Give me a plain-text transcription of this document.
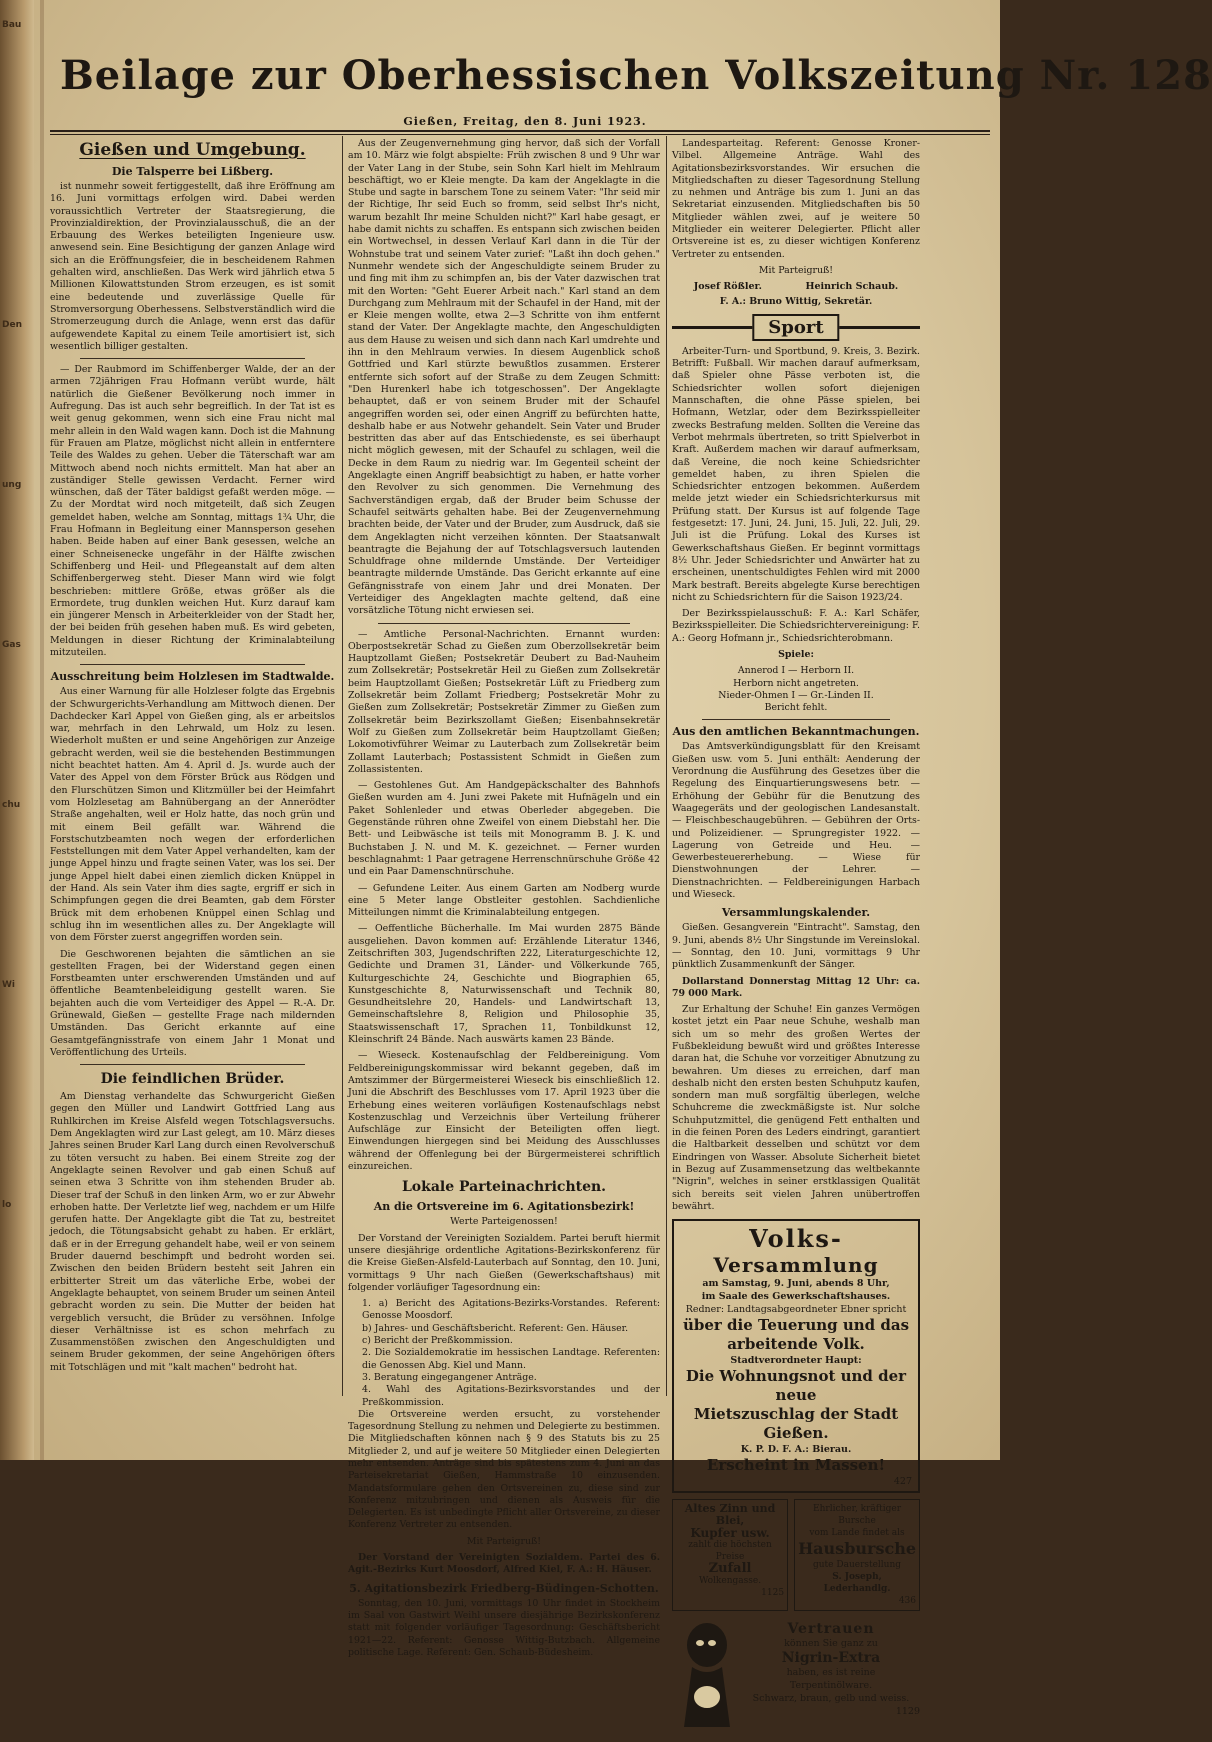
Bau
Den
ung
Gas
chu
Wi
lo
Beilage zur Oberhessischen Volkszeitung Nr. 128
Gießen, Freitag, den 8. Juni 1923.
Gießen und Umgebung.
Die Talsperre bei Lißberg.

ist nunmehr soweit fertiggestellt, daß ihre Eröffnung am 16. Juni vormittags erfolgen wird. Dabei werden voraussichtlich Vertreter der Staatsregierung, die Provinzialdirektion, der Provinzialausschuß, die an der Erbauung des Werkes beteiligten Ingenieure usw. anwesend sein. Eine Besichtigung der ganzen Anlage wird sich an die Eröffnungsfeier, die in bescheidenem Rahmen gehalten wird, anschließen. Das Werk wird jährlich etwa 5 Millionen Kilowattstunden Strom erzeugen, es ist somit eine bedeutende und zuverlässige Quelle für Stromversorgung Oberhessens. Selbstverständlich wird die Stromerzeugung durch die Anlage, wenn erst das dafür aufgewendete Kapital zu einem Teile amortisiert ist, sich wesentlich billiger gestalten.

— Der Raubmord im Schiffenberger Walde, der an der armen 72jährigen Frau Hofmann verübt wurde, hält natürlich die Gießener Bevölkerung noch immer in Aufregung. Das ist auch sehr begreiflich. In der Tat ist es weit genug gekommen, wenn sich eine Frau nicht mal mehr allein in den Wald wagen kann. Doch ist die Mahnung für Frauen am Platze, möglichst nicht allein in entferntere Teile des Waldes zu gehen. Ueber die Täterschaft war am Mittwoch abend noch nichts ermittelt. Man hat aber an zuständiger Stelle gewissen Verdacht. Ferner wird wünschen, daß der Täter baldigst gefaßt werden möge. — Zu der Mordtat wird noch mitgeteilt, daß sich Zeugen gemeldet haben, welche am Sonntag, mittags 1¾ Uhr, die Frau Hofmann in Begleitung einer Mannsperson gesehen haben. Beide haben auf einer Bank gesessen, welche an einer Schneisenecke ungefähr in der Hälfte zwischen Schiffenberg und Heil- und Pflegeanstalt auf dem alten Schiffenbergerweg steht. Dieser Mann wird wie folgt beschrieben: mittlere Größe, etwas größer als die Ermordete, trug dunklen weichen Hut. Kurz darauf kam ein jüngerer Mensch in Arbeiterkleider von der Stadt her, der bei beiden früh gesehen haben muß. Es wird gebeten, Meldungen in dieser Richtung der Kriminalabteilung mitzuteilen.

Ausschreitung beim Holzlesen im Stadtwalde.

Aus einer Warnung für alle Holzleser folgte das Ergebnis der Schwurgerichts-Verhandlung am Mittwoch dienen. Der Dachdecker Karl Appel von Gießen ging, als er arbeitslos war, mehrfach in den Lehrwald, um Holz zu lesen. Wiederholt mußten er und seine Angehörigen zur Anzeige gebracht werden, weil sie die bestehenden Bestimmungen nicht beachtet hatten. Am 4. April d. Js. wurde auch der Vater des Appel von dem Förster Brück aus Rödgen und den Flurschützen Simon und Klitzmüller bei der Heimfahrt vom Holzlesetag am Bahnübergang an der Annerödter Straße angehalten, weil er Holz hatte, das noch grün und mit einem Beil gefällt war. Während die Forstschutzbeamten noch wegen der erforderlichen Feststellungen mit dem Vater Appel verhandelten, kam der junge Appel hinzu und fragte seinen Vater, was los sei. Der junge Appel hielt dabei einen ziemlich dicken Knüppel in der Hand. Als sein Vater ihm dies sagte, ergriff er sich in Schimpfungen gegen die drei Beamten, gab dem Förster Brück mit dem erhobenen Knüppel einen Schlag und schlug ihn im wesentlichen alles zu. Der Angeklagte will von dem Förster zuerst angegriffen worden sein.

Die Geschworenen bejahten die sämtlichen an sie gestellten Fragen, bei der Widerstand gegen einen Forstbeamten unter erschwerenden Umständen und auf öffentliche Beamtenbeleidigung gestellt waren. Sie bejahten auch die vom Verteidiger des Appel — R.-A. Dr. Grünewald, Gießen — gestellte Frage nach mildernden Umständen. Das Gericht erkannte auf eine Gesamtgefängnisstrafe von einem Jahr 1 Monat und Veröffentlichung des Urteils.

Die feindlichen Brüder.

Am Dienstag verhandelte das Schwurgericht Gießen gegen den Müller und Landwirt Gottfried Lang aus Ruhlkirchen im Kreise Alsfeld wegen Totschlagsversuchs. Dem Angeklagten wird zur Last gelegt, am 10. März dieses Jahres seinen Bruder Karl Lang durch einen Revolverschuß zu töten versucht zu haben. Bei einem Streite zog der Angeklagte seinen Revolver und gab einen Schuß auf seinen etwa 3 Schritte von ihm stehenden Bruder ab. Dieser traf der Schuß in den linken Arm, wo er zur Abwehr erhoben hatte. Der Verletzte lief weg, nachdem er um Hilfe gerufen hatte. Der Angeklagte gibt die Tat zu, bestreitet jedoch, die Tötungsabsicht gehabt zu haben. Er erklärt, daß er in der Erregung gehandelt habe, weil er von seinem Bruder dauernd beschimpft und bedroht worden sei. Zwischen den beiden Brüdern besteht seit Jahren ein erbitterter Streit um das väterliche Erbe, wobei der Angeklagte behauptet, von seinem Bruder um seinen Anteil gebracht worden zu sein. Die Mutter der beiden hat vergeblich versucht, die Brüder zu versöhnen. Infolge dieser Verhältnisse ist es schon mehrfach zu Zusammenstößen zwischen den Angeschuldigten und seinem Bruder gekommen, der seine Angehörigen öfters mit Totschlägen und mit "kalt machen" bedroht hat.

Aus der Zeugenvernehmung ging hervor, daß sich der Vorfall am 10. März wie folgt abspielte: Früh zwischen 8 und 9 Uhr war der Vater Lang in der Stube, sein Sohn Karl hielt im Mehlraum beschäftigt, wo er Kleie mengte. Da kam der Angeklagte in die Stube und sagte in barschem Tone zu seinem Vater: "Ihr seid mir der Richtige, Ihr seid Euch so fromm, seid selbst Ihr's nicht, warum bezahlt Ihr meine Schulden nicht?" Karl habe gesagt, er habe damit nichts zu schaffen. Es entspann sich zwischen beiden ein Wortwechsel, in dessen Verlauf Karl dann in die Tür der Wohnstube trat und seinem Vater zurief: "Laßt ihn doch gehen." Nunmehr wendete sich der Angeschuldigte seinem Bruder zu und fing mit ihm zu schimpfen an, bis der Vater dazwischen trat mit den Worten: "Geht Euerer Arbeit nach." Karl stand an dem Durchgang zum Mehlraum mit der Schaufel in der Hand, mit der er Kleie mengen wollte, etwa 2—3 Schritte von ihm entfernt stand der Vater. Der Angeklagte machte, den Angeschuldigten aus dem Hause zu weisen und sich dann nach Karl umdrehte und ihn in den Mehlraum verwies. In diesem Augenblick schoß Gottfried und Karl stürzte bewußtlos zusammen. Ersterer entfernte sich sofort auf der Straße zu dem Zeugen Schmitt: "Den Hurenkerl habe ich totgeschossen". Der Angeklagte behauptet, daß er von seinem Bruder mit der Schaufel angegriffen worden sei, oder einen Angriff zu befürchten hatte, deshalb habe er aus Notwehr gehandelt. Sein Vater und Bruder bestritten das aber auf das Entschiedenste, es sei überhaupt nicht möglich gewesen, mit der Schaufel zu schlagen, weil die Decke in dem Raum zu niedrig war. Im Gegenteil scheint der Angeklagte einen Angriff beabsichtigt zu haben, er hatte vorher den Revolver zu sich genommen. Die Vernehmung des Sachverständigen ergab, daß der Bruder beim Schusse der Schaufel seitwärts gehalten habe. Bei der Zeugenvernehmung brachten beide, der Vater und der Bruder, zum Ausdruck, daß sie dem Angeklagten nicht verzeihen könnten. Der Staatsanwalt beantragte die Bejahung der auf Totschlagsversuch lautenden Schuldfrage ohne mildernde Umstände. Der Verteidiger beantragte mildernde Umstände. Das Gericht erkannte auf eine Gefängnisstrafe von einem Jahr und drei Monaten. Der Verteidiger des Angeklagten machte geltend, daß eine vorsätzliche Tötung nicht erwiesen sei.

— Amtliche Personal-Nachrichten. Ernannt wurden: Oberpostsekretär Schad zu Gießen zum Oberzollsekretär beim Hauptzollamt Gießen; Postsekretär Deubert zu Bad-Nauheim zum Zollsekretär; Postsekretär Heil zu Gießen zum Zollsekretär beim Hauptzollamt Gießen; Postsekretär Lüft zu Friedberg zum Zollsekretär beim Zollamt Friedberg; Postsekretär Mohr zu Gießen zum Zollsekretär; Postsekretär Zimmer zu Gießen zum Zollsekretär beim Bezirkszollamt Gießen; Eisenbahnsekretär Wolf zu Gießen zum Zollsekretär beim Hauptzollamt Gießen; Lokomotivführer Weimar zu Lauterbach zum Zollsekretär beim Zollamt Lauterbach; Postassistent Schmidt in Gießen zum Zollassistenten.

— Gestohlenes Gut. Am Handgepäckschalter des Bahnhofs Gießen wurden am 4. Juni zwei Pakete mit Hufnägeln und ein Paket Sohlenleder und etwas Oberleder abgegeben. Die Gegenstände rühren ohne Zweifel von einem Diebstahl her. Die Bett- und Leibwäsche ist teils mit Monogramm B. J. K. und Buchstaben J. N. und M. K. gezeichnet. — Ferner wurden beschlagnahmt: 1 Paar getragene Herrenschnürschuhe Größe 42 und ein Paar Damenschnürschuhe.

— Gefundene Leiter. Aus einem Garten am Nodberg wurde eine 5 Meter lange Obstleiter gestohlen. Sachdienliche Mitteilungen nimmt die Kriminalabteilung entgegen.

— Oeffentliche Bücherhalle. Im Mai wurden 2875 Bände ausgeliehen. Davon kommen auf: Erzählende Literatur 1346, Zeitschriften 303, Jugendschriften 222, Literaturgeschichte 12, Gedichte und Dramen 31, Länder- und Völkerkunde 765, Kulturgeschichte 24, Geschichte und Biographien 65, Kunstgeschichte 8, Naturwissenschaft und Technik 80, Gesundheitslehre 20, Handels- und Landwirtschaft 13, Gemeinschaftslehre 8, Religion und Philosophie 35, Staatswissenschaft 17, Sprachen 11, Tonbildkunst 12, Kleinschrift 24 Bände. Nach auswärts kamen 23 Bände.

— Wieseck. Kostenaufschlag der Feldbereinigung. Vom Feldbereinigungskommissar wird bekannt gegeben, daß im Amtszimmer der Bürgermeisterei Wieseck bis einschließlich 12. Juni die Abschrift des Beschlusses vom 17. April 1923 über die Erhebung eines weiteren vorläufigen Kostenaufschlags nebst Kostenzuschlag und Verzeichnis über Verteilung früherer Aufschläge zur Einsicht der Beteiligten offen liegt. Einwendungen hiergegen sind bei Meidung des Ausschlusses während der Offenlegung bei der Bürgermeisterei schriftlich einzureichen.

Lokale Parteinachrichten.
An die Ortsvereine im 6. Agitationsbezirk!

Werte Parteigenossen!

Der Vorstand der Vereinigten Sozialdem. Partei beruft hiermit unsere diesjährige ordentliche Agitations-Bezirkskonferenz für die Kreise Gießen-Alsfeld-Lauterbach auf Sonntag, den 10. Juni, vormittags 9 Uhr nach Gießen (Gewerkschaftshaus) mit folgender vorläufiger Tagesordnung ein:

1. a) Bericht des Agitations-Bezirks-Vorstandes. Referent: Genosse Moosdorf.
b) Jahres- und Geschäftsbericht. Referent: Gen. Häuser.
c) Bericht der Preßkommission.
2. Die Sozialdemokratie im hessischen Landtage. Referenten: die Genossen Abg. Kiel und Mann.
3. Beratung eingegangener Anträge.
4. Wahl des Agitations-Bezirksvorstandes und der Preßkommission.

Die Ortsvereine werden ersucht, zu vorstehender Tagesordnung Stellung zu nehmen und Delegierte zu bestimmen. Die Mitgliedschaften können nach § 9 des Statuts bis zu 25 Mitglieder 2, und auf je weitere 50 Mitglieder einen Delegierten mehr entsenden. Anträge sind bis spätestens zum 4. Juni an das Parteisekretariat Gießen, Hammstraße 10 einzusenden. Mandatsformulare gehen den Ortsvereinen zu, diese sind zur Konferenz mitzubringen und dienen als Ausweis für die Delegierten. Es ist unbedingte Pflicht aller Ortsvereine, zu dieser Konferenz Vertreter zu entsenden.

Mit Parteigruß!

Der Vorstand der Vereinigten Sozialdem. Partei des 6. Agit.-Bezirks Kurt Moosdorf, Alfred Kiel, F. A.: H. Häuser.

5. Agitationsbezirk Friedberg-Büdingen-Schotten.

Sonntag, den 10. Juni, vormittags 10 Uhr findet in Stockheim im Saal von Gastwirt Weihl unsere diesjährige Bezirkskonferenz statt mit folgender vorläufiger Tagesordnung: Geschäftsbericht 1921—22. Referent: Genosse Wittig-Butzbach. Allgemeine politische Lage. Referent: Gen. Schaub-Büdesheim.

Landesparteitag. Referent: Genosse Kroner-Vilbel. Allgemeine Anträge. Wahl des Agitationsbezirksvorstandes. Wir ersuchen die Mitgliedschaften zu dieser Tagesordnung Stellung zu nehmen und Anträge bis zum 1. Juni an das Sekretariat einzusenden. Mitgliedschaften bis 50 Mitglieder wählen zwei, auf je weitere 50 Mitglieder ein weiterer Delegierter. Pflicht aller Ortsvereine ist es, zu dieser wichtigen Konferenz Vertreter zu entsenden.

Mit Parteigruß!

Josef Rößler.	Heinrich Schaub.

F. A.: Bruno Wittig, Sekretär.

Sport

Arbeiter-Turn- und Sportbund, 9. Kreis, 3. Bezirk. Betrifft: Fußball. Wir machen darauf aufmerksam, daß Spieler ohne Pässe verboten ist, die Schiedsrichter wollen sofort diejenigen Mannschaften, die ohne Pässe spielen, bei Hofmann, Wetzlar, oder dem Bezirksspielleiter zwecks Bestrafung melden. Sollten die Vereine das Verbot mehrmals übertreten, so tritt Spielverbot in Kraft. Außerdem machen wir darauf aufmerksam, daß Vereine, die noch keine Schiedsrichter gemeldet haben, zu ihren Spielen die Schiedsrichter entzogen bekommen. Außerdem melde jetzt wieder ein Schiedsrichterkursus mit Prüfung statt. Der Kursus ist auf folgende Tage festgesetzt: 17. Juni, 24. Juni, 15. Juli, 22. Juli, 29. Juli ist die Prüfung. Lokal des Kurses ist Gewerkschaftshaus Gießen. Er beginnt vormittags 8½ Uhr. Jeder Schiedsrichter und Anwärter hat zu erscheinen, unentschuldigtes Fehlen wird mit 2000 Mark bestraft. Bereits abgelegte Kurse berechtigen nicht zu Schiedsrichtern für die Saison 1923/24.

Der Bezirksspielausschuß: F. A.: Karl Schäfer, Bezirksspielleiter. Die Schiedsrichtervereinigung: F. A.: Georg Hofmann jr., Schiedsrichterobmann.

Spiele:

Annerod I — Herborn II.
Herborn nicht angetreten.
Nieder-Ohmen I — Gr.-Linden II.
Bericht fehlt.
Aus den amtlichen Bekanntmachungen.

Das Amtsverkündigungsblatt für den Kreisamt Gießen usw. vom 5. Juni enthält: Aenderung der Verordnung die Ausführung des Gesetzes über die Regelung des Einquartierungswesens betr. — Erhöhung der Gebühr für die Benutzung des Waagegeräts und der geologischen Landesanstalt. — Fleischbeschaugebühren. — Gebühren der Orts- und Polizeidiener. — Sprungregister 1922. — Lagerung von Getreide und Heu. — Gewerbesteuererhebung. — Wiese für Dienstwohnungen der Lehrer. — Dienstnachrichten. — Feldbereinigungen Harbach und Wieseck.

Versammlungskalender.

Gießen. Gesangverein "Eintracht". Samstag, den 9. Juni, abends 8½ Uhr Singstunde im Vereinslokal. — Sonntag, den 10. Juni, vormittags 9 Uhr pünktlich Zusammenkunft der Sänger.

Dollarstand Donnerstag Mittag 12 Uhr: ca. 79 000 Mark.

Zur Erhaltung der Schuhe! Ein ganzes Vermögen kostet jetzt ein Paar neue Schuhe, weshalb man sich um so mehr des großen Wertes der Fußbekleidung bewußt wird und größtes Interesse daran hat, die Schuhe vor vorzeitiger Abnutzung zu bewahren. Um dieses zu erreichen, darf man deshalb nicht den ersten besten Schuhputz kaufen, sondern man muß sorgfältig überlegen, welche Schuhcreme die zweckmäßigste ist. Nur solche Schuhputzmittel, die genügend Fett enthalten und in die feinen Poren des Leders eindringt, garantiert die Haltbarkeit desselben und schützt vor dem Eindringen von Wasser. Absolute Sicherheit bietet in Bezug auf Zusammensetzung das weltbekannte "Nigrin", welches in seiner erstklassigen Qualität sich bereits seit vielen Jahren unübertroffen bewährt.

Volks-
Versammlung
am Samstag, 9. Juni, abends 8 Uhr,
im Saale des Gewerkschaftshauses.
Redner: Landtagsabgeordneter Ebner spricht
über die Teuerung und das
arbeitende Volk.
Stadtverordneter Haupt:
Die Wohnungsnot und der neue
Mietszuschlag der Stadt Gießen.
K. P. D. F. A.: Bierau.
Erscheint in Massen!
427
Altes Zinn und Blei,
Kupfer usw.
zahlt die höchsten Preise
Zufall
Wolkengasse.
1125
Ehrlicher, kräftiger Bursche
vom Lande findet als
Hausbursche
gute Dauerstellung
S. Joseph, Lederhandlg.
436
Vertrauen
können Sie ganz zu
Nigrin-Extra
haben, es ist reine
Terpentinölware.
Schwarz, braun, gelb und weiss.
1129
